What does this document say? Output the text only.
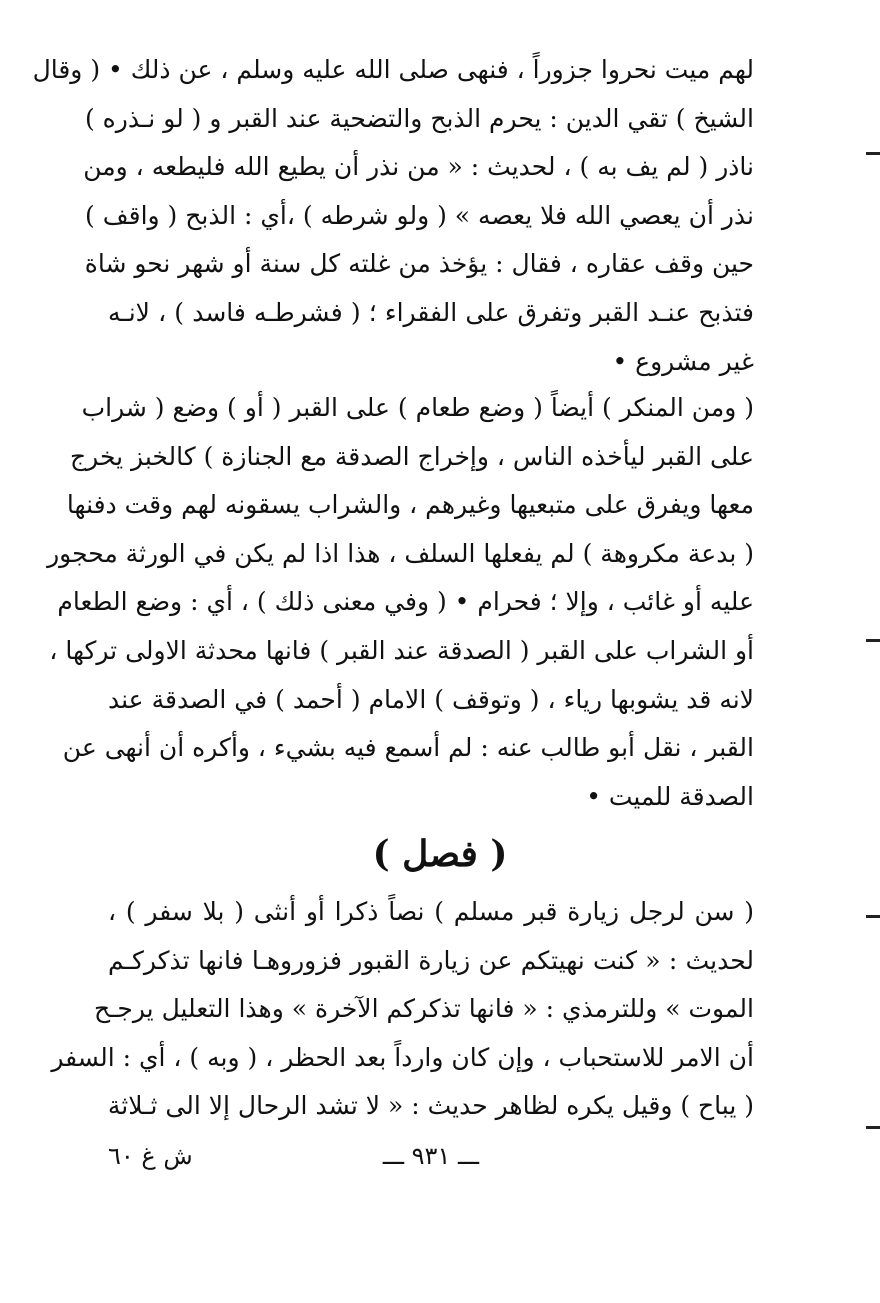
لهم ميت نحروا جزوراً ، فنهى صلى الله عليه وسلم ، عن ذلك • ( وقال
الشيخ ) تقي الدين : يحرم الذبح والتضحية عند القبر و ( لو نـذره )
ناذر ( لم يف به ) ، لحديث : « من نذر أن يطيع الله فليطعه ، ومن
نذر أن يعصي الله فلا يعصه » ( ولو شرطه ) ،أي : الذبح ( واقف )
حين وقف عقاره ، فقال : يؤخذ من غلته كل سنة أو شهر نحو شاة
فتذبح عنـد القبر وتفرق على الفقراء ؛ ( فشرطـه فاسد ) ، لانـه
غير مشروع •
( ومن المنكر ) أيضاً ( وضع طعام ) على القبر ( أو ) وضع ( شراب
على القبر ليأخذه الناس ، وإخراج الصدقة مع الجنازة ) كالخبز يخرج
معها ويفرق على متبعيها وغيرهم ، والشراب يسقونه لهم وقت دفنها
( بدعة مكروهة ) لم يفعلها السلف ، هذا اذا لم يكن في الورثة محجور
عليه أو غائب ، وإلا ؛ فحرام • ( وفي معنى ذلك ) ، أي : وضع الطعام
أو الشراب على القبر ( الصدقة عند القبر ) فانها محدثة الاولى تركها ،
لانه قد يشوبها رياء ، ( وتوقف ) الامام ( أحمد ) في الصدقة عند
القبر ، نقل أبو طالب عنه : لم أسمع فيه بشيء ، وأكره أن أنهى عن
الصدقة للميت •
( فصل )
( سن لرجل زيارة قبر مسلم ) نصاً ذكرا أو أنثى ( بلا سفر ) ،
لحديث : « كنت نهيتكم عن زيارة القبور فزوروهـا فانها تذكركـم
الموت » وللترمذي : « فانها تذكركم الآخرة » وهذا التعليل يرجـح
أن الامر للاستحباب ، وإن كان وارداً بعد الحظر ، ( وبه ) ، أي : السفر
( يباح ) وقيل يكره لظاهر حديث : « لا تشد الرحال إلا الى ثـلاثة
ـــ ٩٣١ ـــ
ش غ ٦٠
